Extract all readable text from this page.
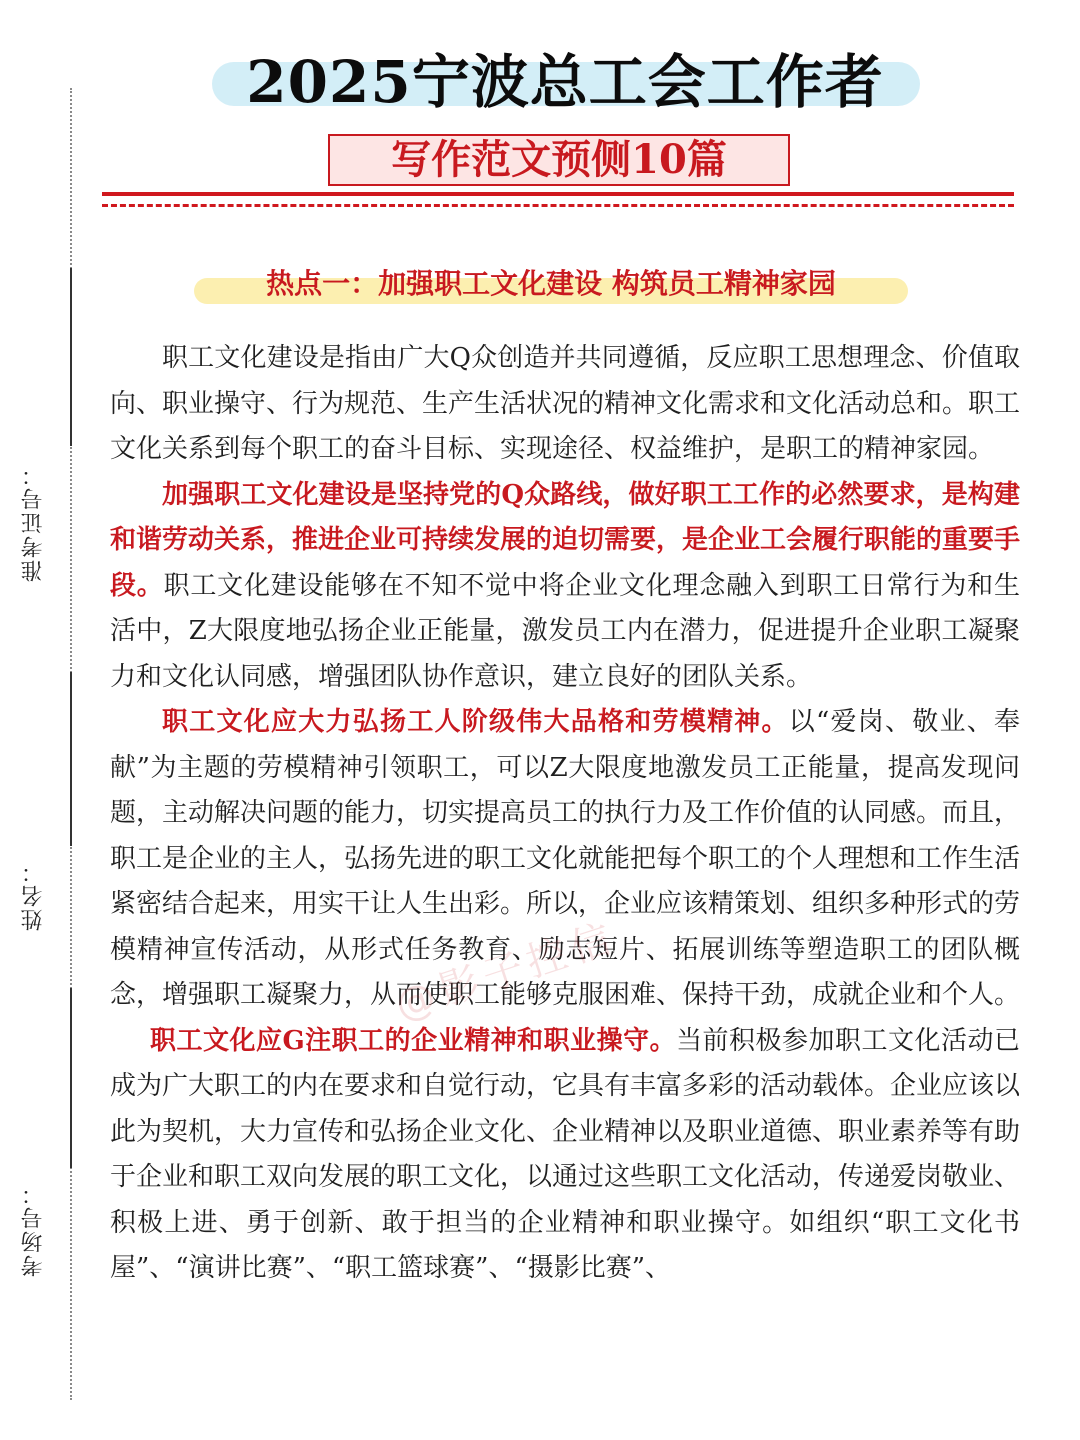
准考证号：
姓名：
考场号：
2025宁波总工会工作者
写作范文预侧10篇
热点一：加强职工文化建设 构筑员工精神家园

职工文化建设是指由广大Q众创造并共同遵循，反应职工思想理念、价值取向、职业操守、行为规范、生产生活状况的精神文化需求和文化活动总和。职工文化关系到每个职工的奋斗目标、实现途径、权益维护，是职工的精神家园。

加强职工文化建设是坚持党的Q众路线，做好职工工作的必然要求，是构建和谐劳动关系，推进企业可持续发展的迫切需要，是企业工会履行职能的重要手段。职工文化建设能够在不知不觉中将企业文化理念融入到职工日常行为和生活中，Z大限度地弘扬企业正能量，激发员工内在潜力，促进提升企业职工凝聚力和文化认同感，增强团队协作意识，建立良好的团队关系。

职工文化应大力弘扬工人阶级伟大品格和劳模精神。以“爱岗、敬业、奉献”为主题的劳模精神引领职工，可以Z大限度地激发员工正能量，提高发现问题，主动解决问题的能力，切实提高员工的执行力及工作价值的认同感。而且，职工是企业的主人，弘扬先进的职工文化就能把每个职工的个人理想和工作生活紧密结合起来，用实干让人生出彩。所以，企业应该精策划、组织多种形式的劳模精神宣传活动，从形式任务教育、励志短片、拓展训练等塑造职工的团队概念，增强职工凝聚力，从而使职工能够克服困难、保持干劲，成就企业和个人。

职工文化应G注职工的企业精神和职业操守。当前积极参加职工文化活动已成为广大职工的内在要求和自觉行动，它具有丰富多彩的活动载体。企业应该以此为契机，大力宣传和弘扬企业文化、企业精神以及职业道德、职业素养等有助于企业和职工双向发展的职工文化，以通过这些职工文化活动，传递爱岗敬业、积极上进、勇于创新、敢于担当的企业精神和职业操守。如组织“职工文化书屋”、“演讲比赛”、“职工篮球赛”、“摄影比赛”、

@影子控信
